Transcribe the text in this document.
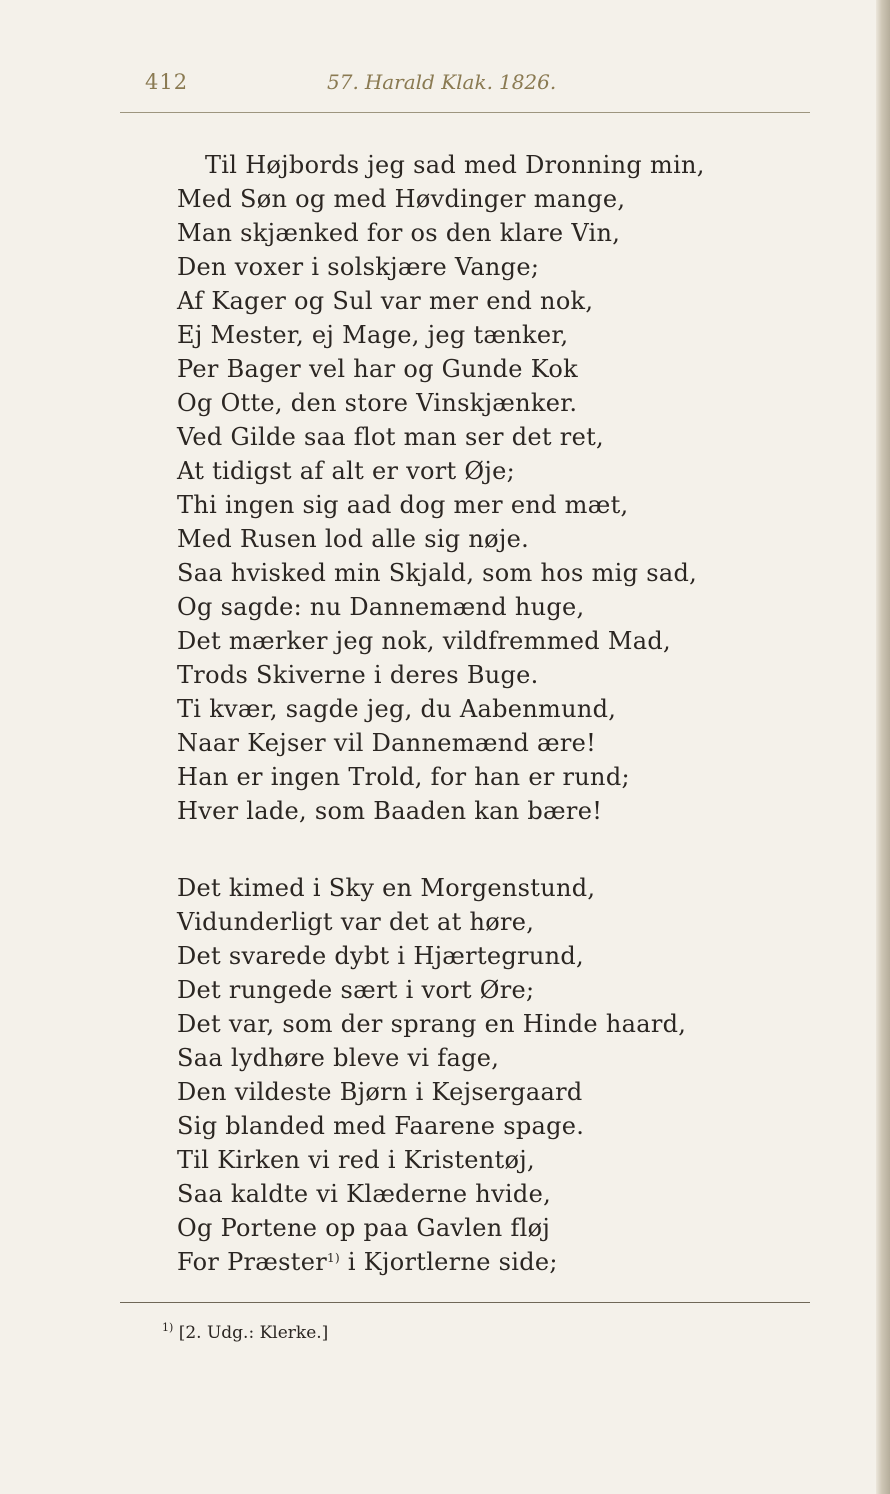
412	57. Harald Klak. 1826.
Til Højbords jeg sad med Dronning min,
Med Søn og med Høvdinger mange,
Man skjænked for os den klare Vin,
Den voxer i solskjære Vange;
Af Kager og Sul var mer end nok,
Ej Mester, ej Mage, jeg tænker,
Per Bager vel har og Gunde Kok
Og Otte, den store Vinskjænker.
Ved Gilde saa flot man ser det ret,
At tidigst af alt er vort Øje;
Thi ingen sig aad dog mer end mæt,
Med Rusen lod alle sig nøje.
Saa hvisked min Skjald, som hos mig sad,
Og sagde: nu Dannemænd huge,
Det mærker jeg nok, vildfremmed Mad,
Trods Skiverne i deres Buge.
Ti kvær, sagde jeg, du Aabenmund,
Naar Kejser vil Dannemænd ære!
Han er ingen Trold, for han er rund;
Hver lade, som Baaden kan bære!
Det kimed i Sky en Morgenstund,
Vidunderligt var det at høre,
Det svarede dybt i Hjærtegrund,
Det rungede sært i vort Øre;
Det var, som der sprang en Hinde haard,
Saa lydhøre bleve vi fage,
Den vildeste Bjørn i Kejsergaard
Sig blanded med Faarene spage.
Til Kirken vi red i Kristentøj,
Saa kaldte vi Klæderne hvide,
Og Portene op paa Gavlen fløj
For Præster$^{1)}$ i Kjortlerne side;
$^{1)}$ [2. Udg.: Klerke.]
